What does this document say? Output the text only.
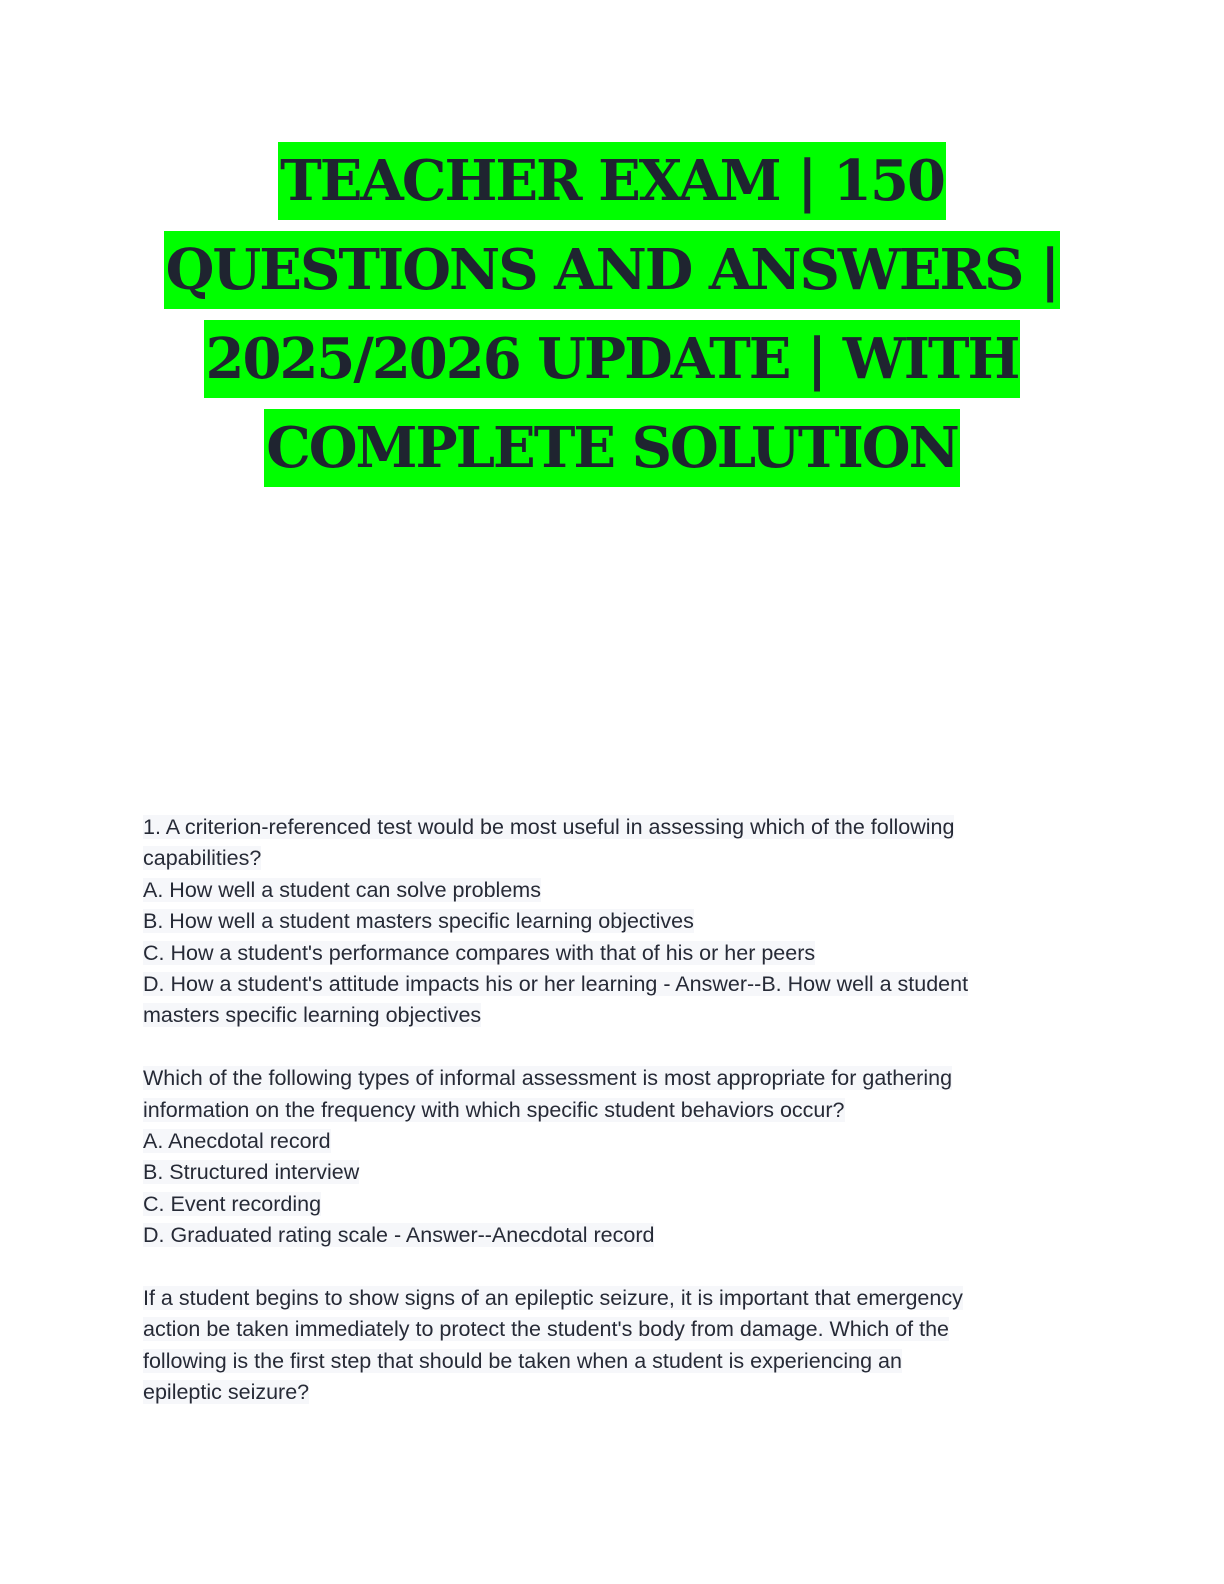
TEACHER EXAM | 150
QUESTIONS AND ANSWERS |
2025/2026 UPDATE | WITH
COMPLETE SOLUTION
1. A criterion-referenced test would be most useful in assessing which of the following
capabilities?
A. How well a student can solve problems
B. How well a student masters specific learning objectives
C. How a student's performance compares with that of his or her peers
D. How a student's attitude impacts his or her learning - Answer--B. How well a student
masters specific learning objectives
Which of the following types of informal assessment is most appropriate for gathering
information on the frequency with which specific student behaviors occur?
A. Anecdotal record
B. Structured interview
C. Event recording
D. Graduated rating scale - Answer--Anecdotal record
If a student begins to show signs of an epileptic seizure, it is important that emergency
action be taken immediately to protect the student's body from damage. Which of the
following is the first step that should be taken when a student is experiencing an
epileptic seizure?
